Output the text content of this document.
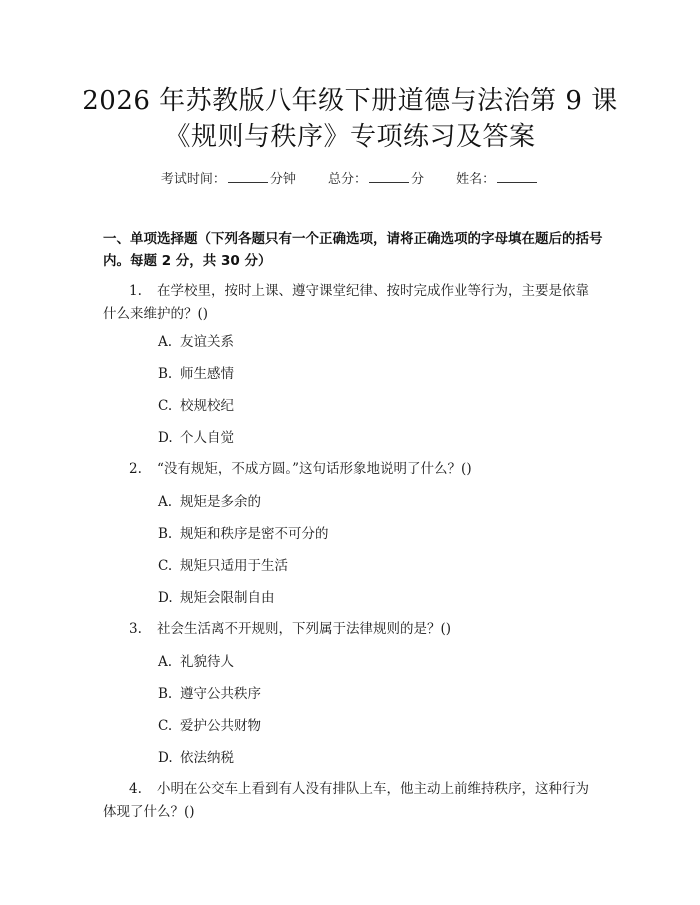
2026 年苏教版八年级下册道德与法治第 9 课
《规则与秩序》专项练习及答案
考试时间：	分钟 总分：	分 姓名：
一、单项选择题（下列各题只有一个正确选项，请将正确选项的字母填在题后的括号内。每题 2 分，共 30 分）
1. 在学校里，按时上课、遵守课堂纪律、按时完成作业等行为，主要是依靠什么来维护的？()
A. 友谊关系
B. 师生感情
C. 校规校纪
D. 个人自觉
2. “没有规矩，不成方圆。”这句话形象地说明了什么？()
A. 规矩是多余的
B. 规矩和秩序是密不可分的
C. 规矩只适用于生活
D. 规矩会限制自由
3. 社会生活离不开规则，下列属于法律规则的是？()
A. 礼貌待人
B. 遵守公共秩序
C. 爱护公共财物
D. 依法纳税
4. 小明在公交车上看到有人没有排队上车，他主动上前维持秩序，这种行为体现了什么？()
